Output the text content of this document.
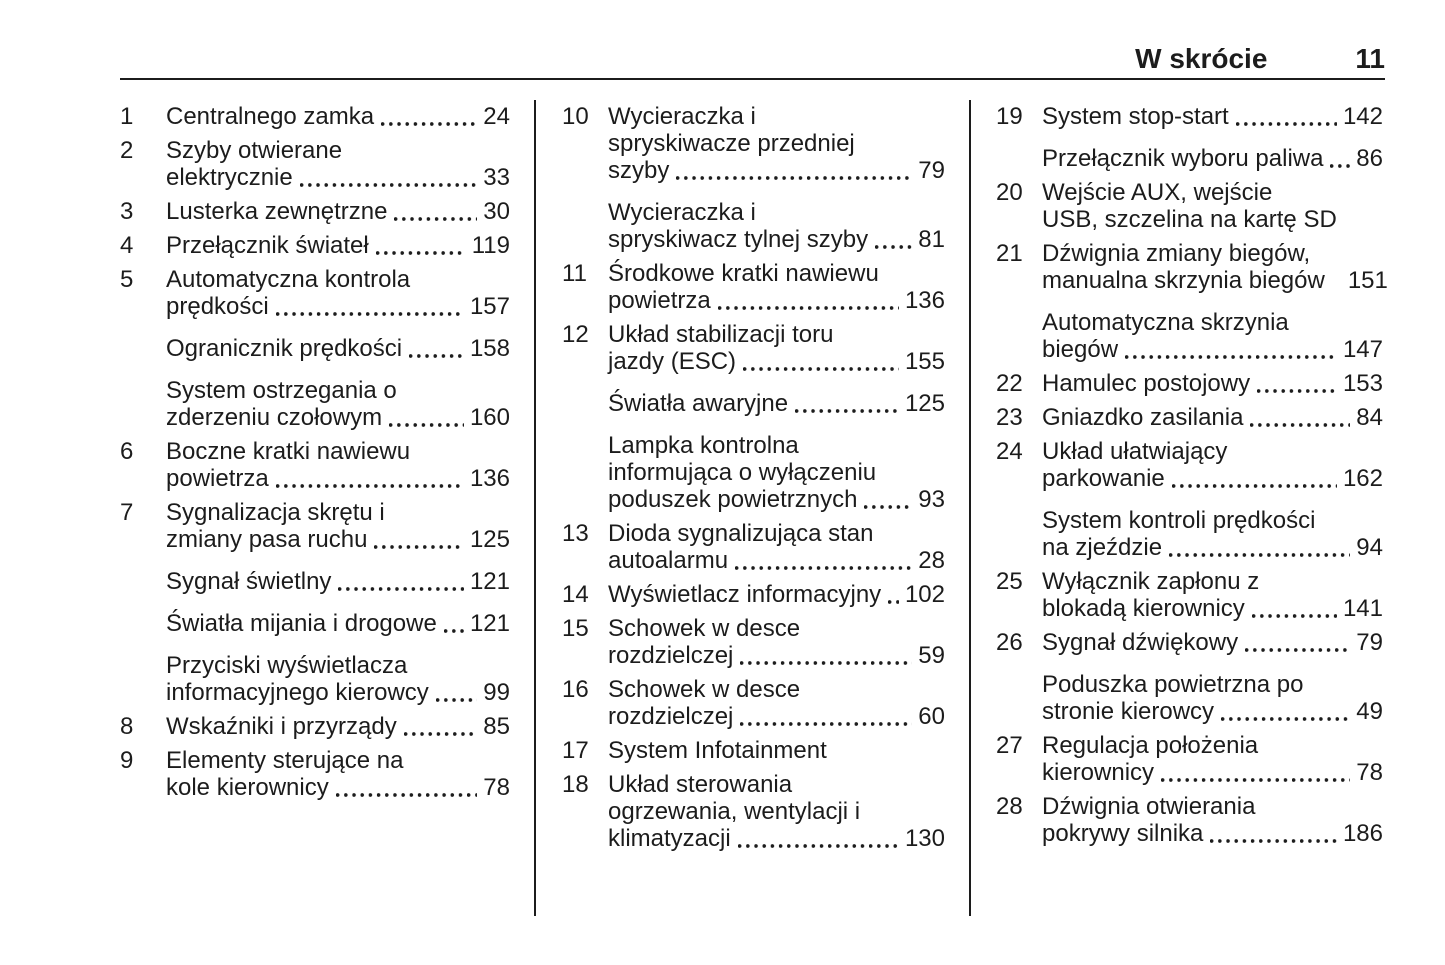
W skrócie	11
1	Centralnego zamka	24
2	Szyby otwierane
elektrycznie	33
3	Lusterka zewnętrzne	30
4	Przełącznik świateł	119
5	Automatyczna kontrola
prędkości	157
Ogranicznik prędkości	158
System ostrzegania o
zderzeniu czołowym	160
6	Boczne kratki nawiewu
powietrza	136
7	Sygnalizacja skrętu i
zmiany pasa ruchu	125
Sygnał świetlny	121
Światła mijania i drogowe 121
Przyciski wyświetlacza
informacyjnego kierowcy 99
8	Wskaźniki i przyrządy	85
9	Elementy sterujące na
kole kierownicy	78
10 Wycieraczka i
spryskiwacze przedniej
szyby	79
Wycieraczka i
spryskiwacz tylnej szyby 81
11 Środkowe kratki nawiewu
powietrza	136
12 Układ stabilizacji toru
jazdy (ESC)	155
Światła awaryjne	125
Lampka kontrolna
informująca o wyłączeniu
poduszek powietrznych	93
13 Dioda sygnalizująca stan
autoalarmu	28
14 Wyświetlacz informacyjny 102
15 Schowek w desce
rozdzielczej	59
16 Schowek w desce
rozdzielczej	60
17 System Infotainment
18 Układ sterowania
ogrzewania, wentylacji i
klimatyzacji	130
19 System stop-start	142
Przełącznik wyboru paliwa 86
20 Wejście AUX, wejście
USB, szczelina na kartę SD
21 Dźwignia zmiany biegów,
manualna skrzynia biegów 151
Automatyczna skrzynia
biegów	147
22 Hamulec postojowy	153
23 Gniazdko zasilania	84
24 Układ ułatwiający
parkowanie	162
System kontroli prędkości
na zjeździe	94
25 Wyłącznik zapłonu z
blokadą kierownicy	141
26 Sygnał dźwiękowy	79
Poduszka powietrzna po
stronie kierowcy	49
27 Regulacja położenia
kierownicy	78
28 Dźwignia otwierania
pokrywy silnika	186
